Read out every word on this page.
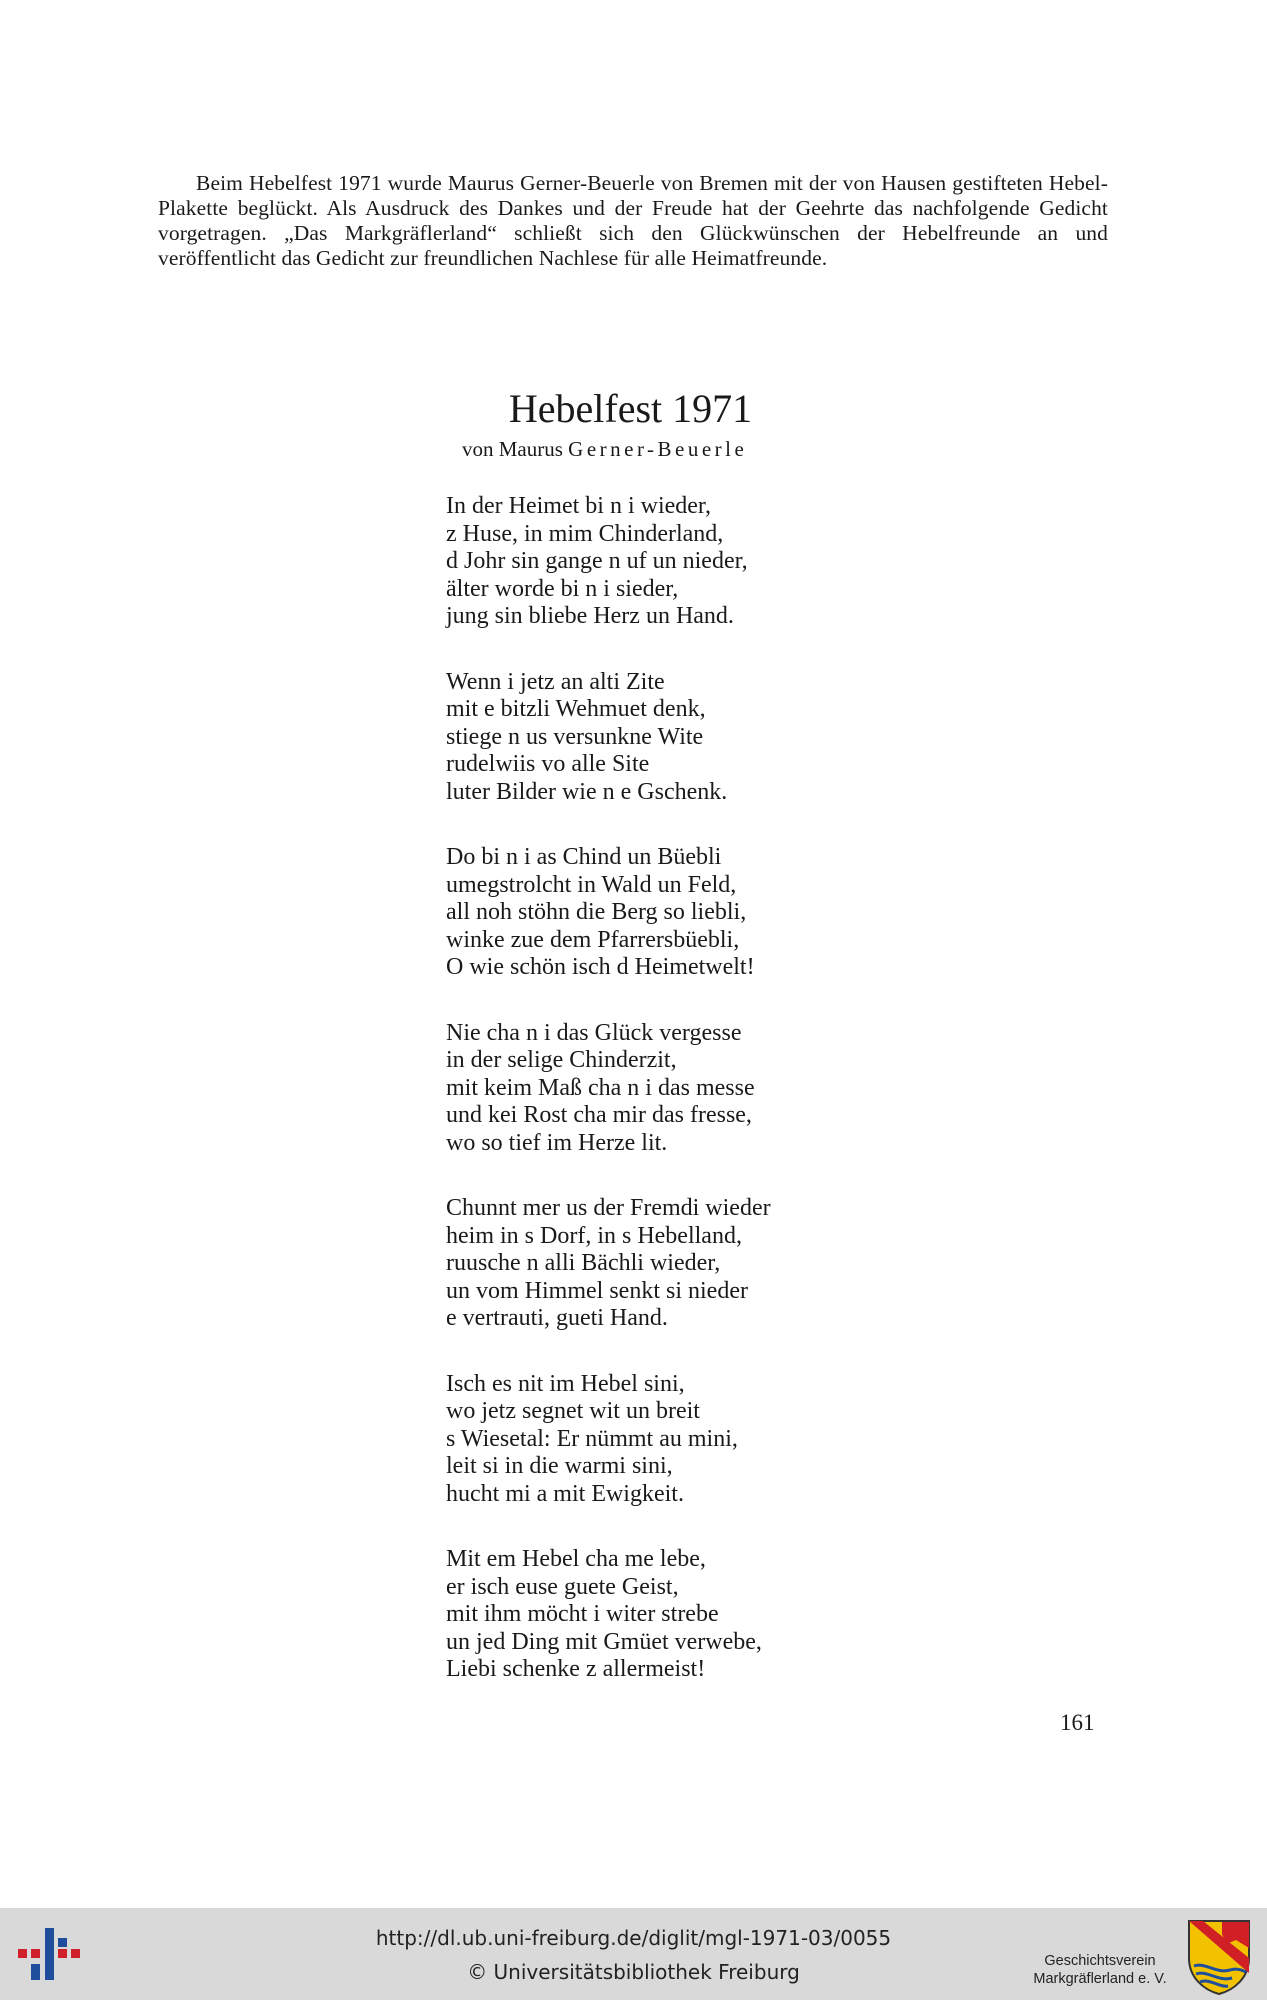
Beim Hebelfest 1971 wurde Maurus Gerner-Beuerle von Bremen mit der von Hausen gestifteten Hebel-Plakette beglückt. Als Ausdruck des Dankes und der Freude hat der Geehrte das nachfolgende Gedicht vorgetragen. „Das Markgräflerland“ schließt sich den Glückwünschen der Hebelfreunde an und veröffentlicht das Gedicht zur freundlichen Nachlese für alle Heimatfreunde.
Hebelfest 1971
von Maurus Gerner-Beuerle
In der Heimet bi n i wieder,
z Huse, in mim Chinderland,
d Johr sin gange n uf un nieder,
älter worde bi n i sieder,
jung sin bliebe Herz un Hand.
Wenn i jetz an alti Zite
mit e bitzli Wehmuet denk,
stiege n us versunkne Wite
rudelwiis vo alle Site
luter Bilder wie n e Gschenk.
Do bi n i as Chind un Büebli
umegstrolcht in Wald un Feld,
all noh stöhn die Berg so liebli,
winke zue dem Pfarrersbüebli,
O wie schön isch d Heimetwelt!
Nie cha n i das Glück vergesse
in der selige Chinderzit,
mit keim Maß cha n i das messe
und kei Rost cha mir das fresse,
wo so tief im Herze lit.
Chunnt mer us der Fremdi wieder
heim in s Dorf, in s Hebelland,
ruusche n alli Bächli wieder,
un vom Himmel senkt si nieder
e vertrauti, gueti Hand.
Isch es nit im Hebel sini,
wo jetz segnet wit un breit
s Wiesetal: Er nümmt au mini,
leit si in die warmi sini,
hucht mi a mit Ewigkeit.
Mit em Hebel cha me lebe,
er isch euse guete Geist,
mit ihm möcht i witer strebe
un jed Ding mit Gmüet verwebe,
Liebi schenke z allermeist!
161
http://dl.ub.uni-freiburg.de/diglit/mgl-1971-03/0055
© Universitätsbibliothek Freiburg	Geschichtsverein
Markgräflerland e. V.
